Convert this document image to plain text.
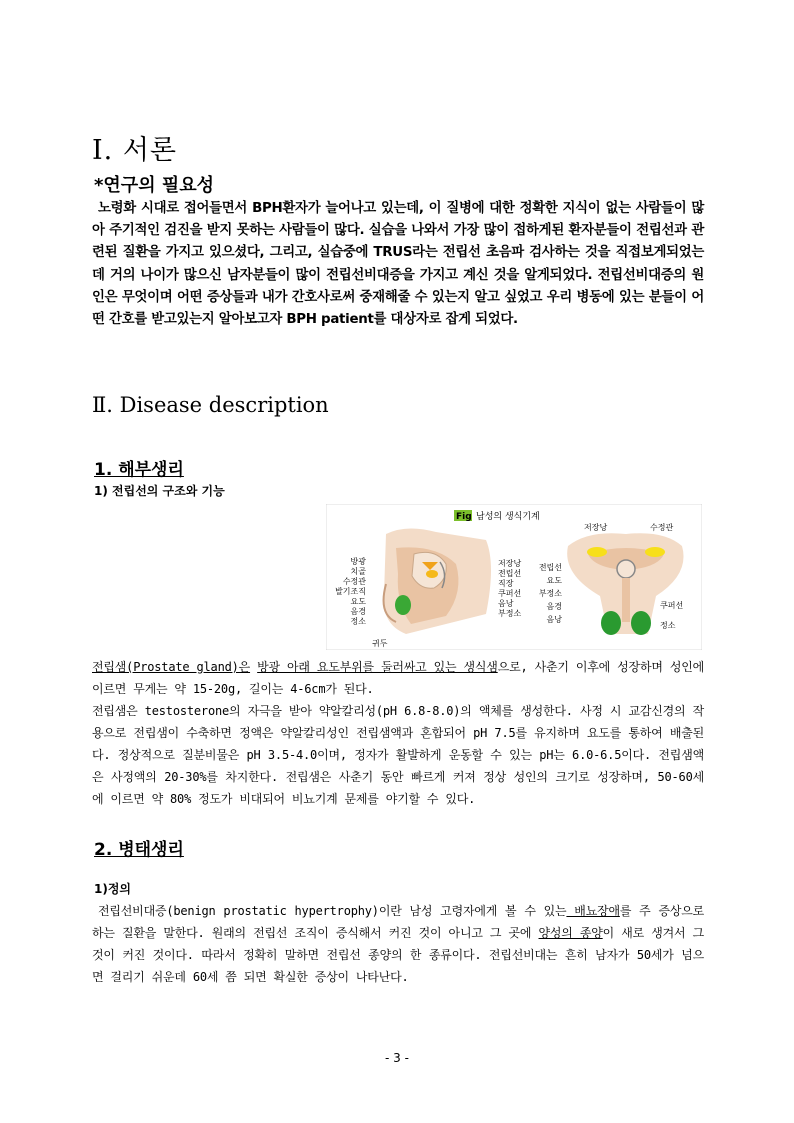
Ⅰ. 서론
*연구의 필요성

노령화 시대로 접어들면서 BPH환자가 늘어나고 있는데, 이 질병에 대한 정확한 지식이 없는 사람들이 많아 주기적인 검진을 받지 못하는 사람들이 많다. 실습을 나와서 가장 많이 접하게된 환자분들이 전립선과 관련된 질환을 가지고 있으셨다, 그리고, 실습중에 TRUS라는 전립선 초음파 검사하는 것을 직접보게되었는데 거의 나이가 많으신 남자분들이 많이 전립선비대증을 가지고 계신 것을 알게되었다. 전립선비대증의 원인은 무엇이며 어떤 증상들과 내가 간호사로써 중재해줄 수 있는지 알고 싶었고 우리 병동에 있는 분들이 어떤 간호를 받고있는지 알아보고자 BPH patient를 대상자로 잡게 되었다.

Ⅱ. Disease description
1. 해부생리
1) 전립선의 구조와 기능
Fig 남성의 생식기계
방광 치골 수정관 발기조직 요도 음경 정소
저장낭 전립선 직장 쿠퍼선 음낭 부정소
귀두
저장낭	수정관
전립선 요도 부정소 음경 음낭
쿠퍼선 정소

전립샘(Prostate gland)은 방광 아래 요도부위를 둘러싸고 있는 생식샘으로, 사춘기 이후에 성장하며 성인에 이르면 무게는 약 15-20g, 길이는 4-6cm가 된다.

전립샘은 testosterone의 자극을 받아 약알칼리성(pH 6.8-8.0)의 액체를 생성한다. 사정 시 교감신경의 작용으로 전립샘이 수축하면 정액은 약알칼리성인 전립샘액과 혼합되어 pH 7.5를 유지하며 요도를 통하여 배출된다. 정상적으로 질분비물은 pH 3.5-4.0이며, 정자가 활발하게 운동할 수 있는 pH는 6.0-6.5이다. 전립샘액은 사정액의 20-30%를 차지한다. 전립샘은 사춘기 동안 빠르게 커져 정상 성인의 크기로 성장하며, 50-60세에 이르면 약 80% 정도가 비대되어 비뇨기계 문제를 야기할 수 있다.

2. 병태생리
1)정의

전립선비대증(benign prostatic hypertrophy)이란 남성 고령자에게 볼 수 있는 배뇨장애를 주 증상으로 하는 질환을 말한다. 원래의 전립선 조직이 증식해서 커진 것이 아니고 그 곳에 양성의 종양이 새로 생겨서 그것이 커진 것이다. 따라서 정확히 말하면 전립선 종양의 한 종류이다. 전립선비대는 흔히 남자가 50세가 넘으면 걸리기 쉬운데 60세 쯤 되면 확실한 증상이 나타난다.

- 3 -
